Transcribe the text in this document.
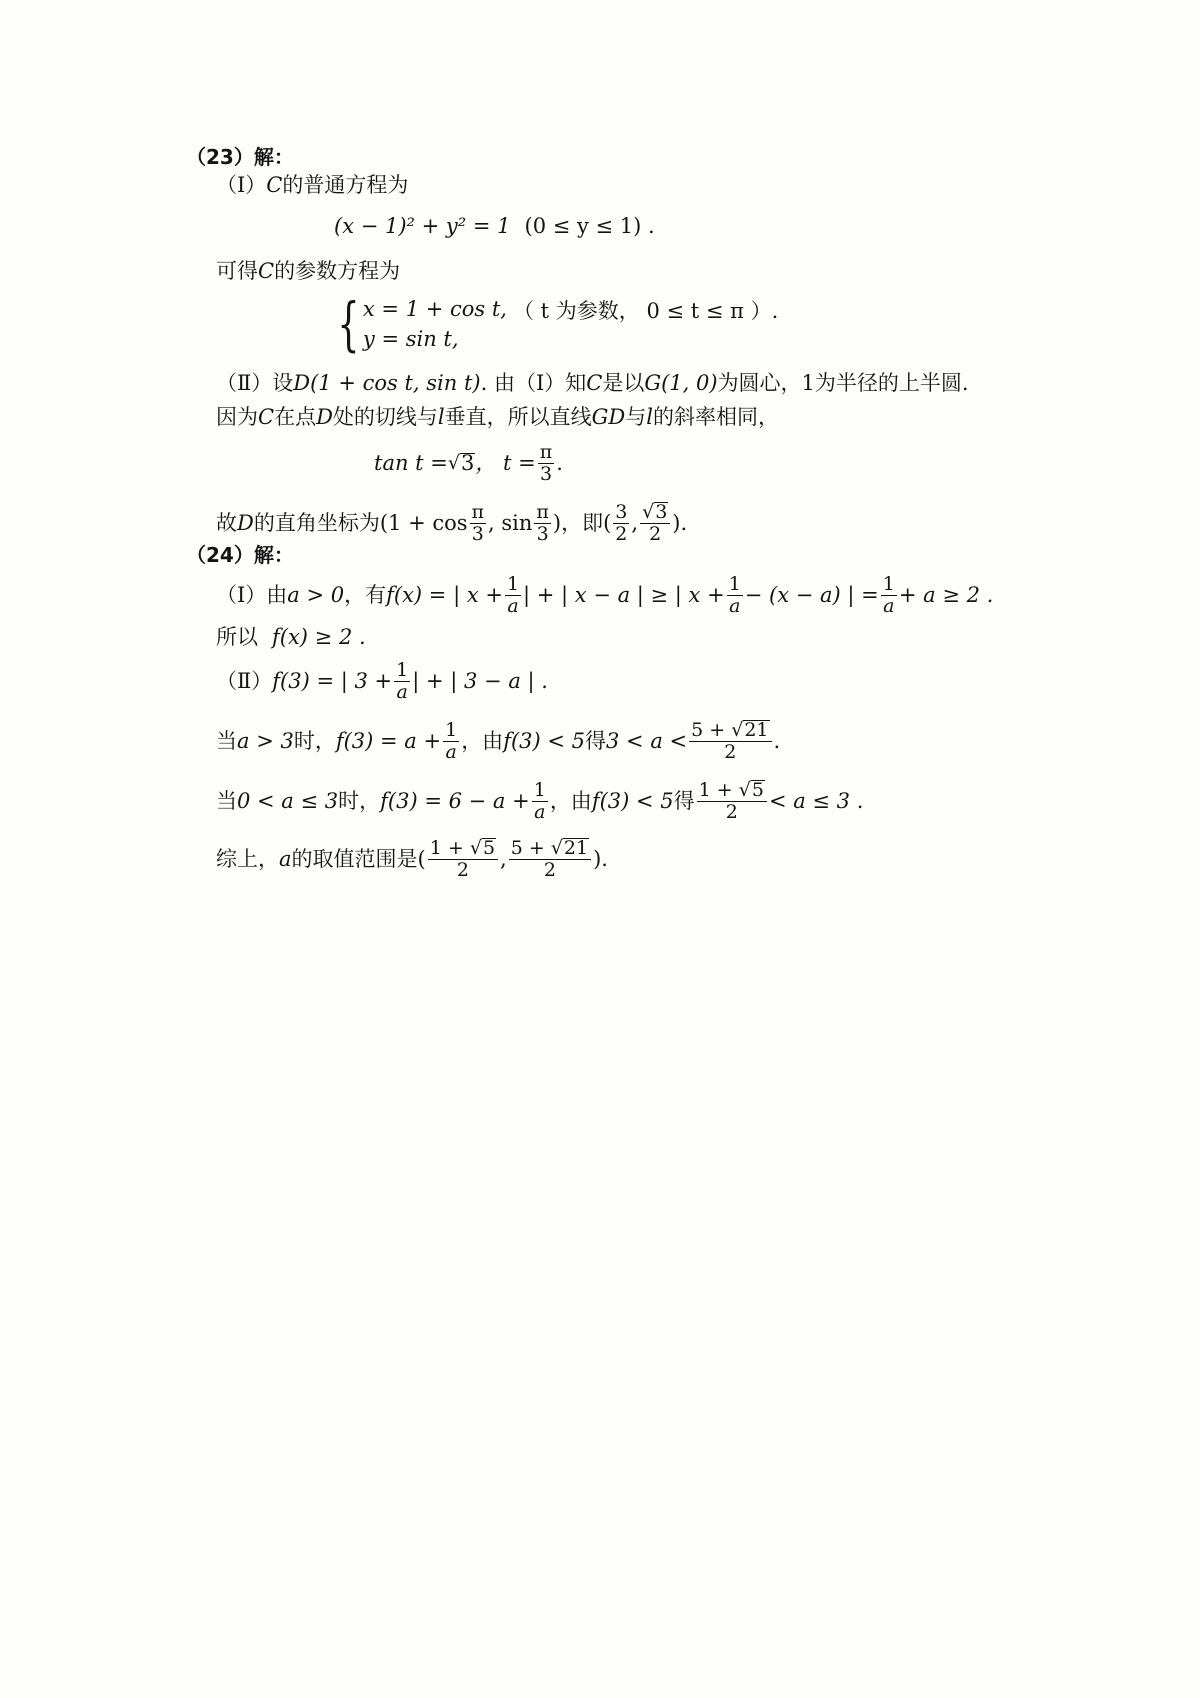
（23）解：
（Ⅰ） C 的普通方程为
(x − 1)² + y² = 1 (0 ≤ y ≤ 1) .
可得 C 的参数方程为
{ x = 1 + cos t,
y = sin t,
（ t 为参数， 0 ≤ t ≤ π ）.
（Ⅱ）设 D(1 + cos t, sin t) . 由（Ⅰ）知 C 是以 G(1, 0) 为圆心，1为半径的上半圆.
因为 C 在点 D 处的切线与 l 垂直，所以直线 GD 与 l 的斜率相同，
tan t = √ 3 ， $t = \frac{\pi}{3}$ .
故 D 的直角坐标为 ($1 + \cos \frac{\pi}{3}$ , $\sin \frac{\pi}{3}$ )，即( $\frac{3}{2}$ , $\frac{√ 3}{2}$ ).
（24）解：
（Ⅰ）由 a > 0 ，有 f(x) = | $x + \frac{1}{a}$ | + | x − a | ≥ | $x + \frac{1}{a} - (x - a)$ | = $\frac{1}{a} + a \ge 2$ .
所以 f(x) ≥ 2 .
（Ⅱ） f(3) = | $3 + \frac{1}{a}$ | + | 3 − a | .
当 a > 3 时， $f(3) = a + \frac{1}{a}$ ，由 f(3) < 5 得 $3 < a < \frac{5 + √ 21}{2}$ .
当 0 < a ≤ 3 时， $f(3) = 6 - a + \frac{1}{a}$ ，由 f(3) < 5 得 $\frac{1 + √ 5}{2} < a \le 3$ .
综上， a 的取值范围是( $\frac{1 + √ 5}{2}$ , $\frac{5 + √ 21}{2}$ ).
